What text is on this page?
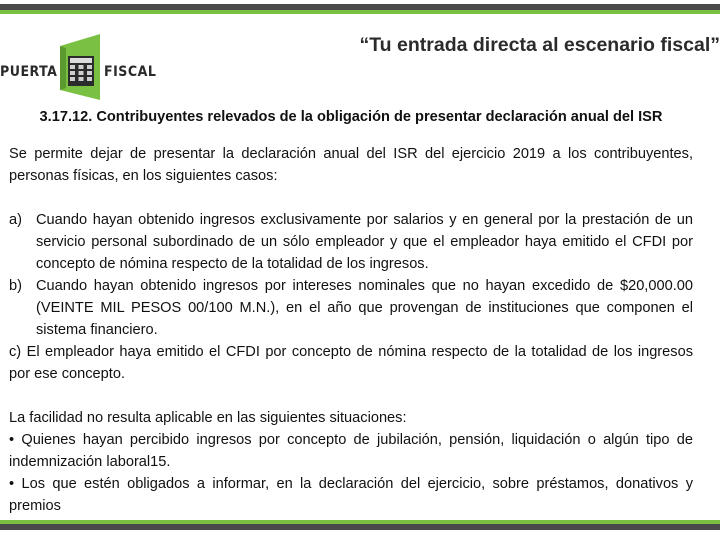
PUERTA	FISCAL
“Tu entrada directa al escenario fiscal”

3.17.12. Contribuyentes relevados de la obligación de presentar declaración anual del ISR

Se permite dejar de presentar la declaración anual del ISR del ejercicio 2019 a los contribuyentes, personas físicas, en los siguientes casos:

a) Cuando hayan obtenido ingresos exclusivamente por salarios y en general por la prestación de un servicio personal subordinado de un sólo empleador y que el empleador haya emitido el CFDI por concepto de nómina respecto de la totalidad de los ingresos.
b) Cuando hayan obtenido ingresos por intereses nominales que no hayan excedido de $20,000.00 (VEINTE MIL PESOS 00/100 M.N.), en el año que provengan de instituciones que componen el sistema financiero.

c) El empleador haya emitido el CFDI por concepto de nómina respecto de la totalidad de los ingresos por ese concepto.

La facilidad no resulta aplicable en las siguientes situaciones:

• Quienes hayan percibido ingresos por concepto de jubilación, pensión, liquidación o algún tipo de indemnización laboral15.

• Los que estén obligados a informar, en la declaración del ejercicio, sobre préstamos, donativos y premios
